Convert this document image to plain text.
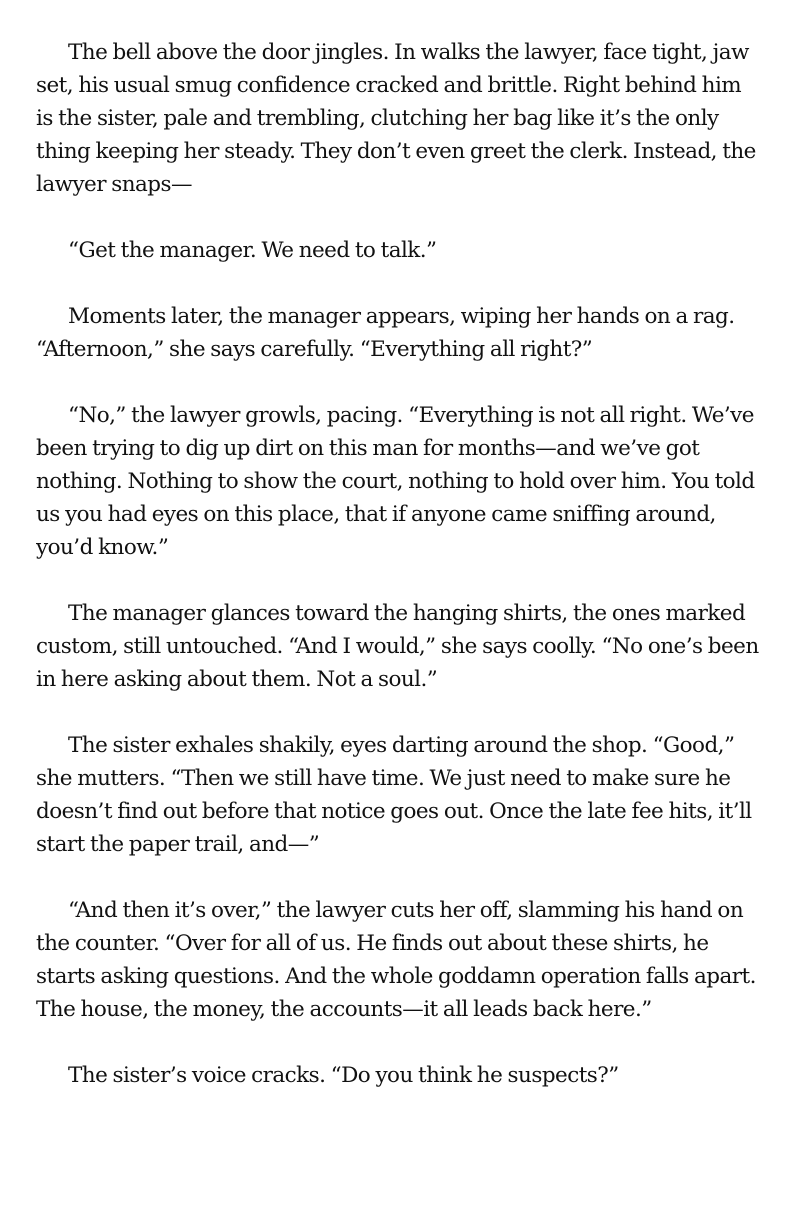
The bell above the door jingles. In walks the lawyer, face tight, jaw set, his usual smug confidence cracked and brittle. Right behind him is the sister, pale and trembling, clutching her bag like it’s the only thing keeping her steady. They don’t even greet the clerk. Instead, the lawyer snaps—

“Get the manager. We need to talk.”

Moments later, the manager appears, wiping her hands on a rag. “Afternoon,” she says carefully. “Everything all right?”

“No,” the lawyer growls, pacing. “Everything is not all right. We’ve been trying to dig up dirt on this man for months—and we’ve got nothing. Nothing to show the court, nothing to hold over him. You told us you had eyes on this place, that if anyone came sniffing around, you’d know.”

The manager glances toward the hanging shirts, the ones marked custom, still untouched. “And I would,” she says coolly. “No one’s been in here asking about them. Not a soul.”

The sister exhales shakily, eyes darting around the shop. “Good,” she mutters. “Then we still have time. We just need to make sure he doesn’t find out before that notice goes out. Once the late fee hits, it’ll start the paper trail, and—”

“And then it’s over,” the lawyer cuts her off, slamming his hand on the counter. “Over for all of us. He finds out about these shirts, he starts asking questions. And the whole goddamn operation falls apart. The house, the money, the accounts—it all leads back here.”

The sister’s voice cracks. “Do you think he suspects?”
